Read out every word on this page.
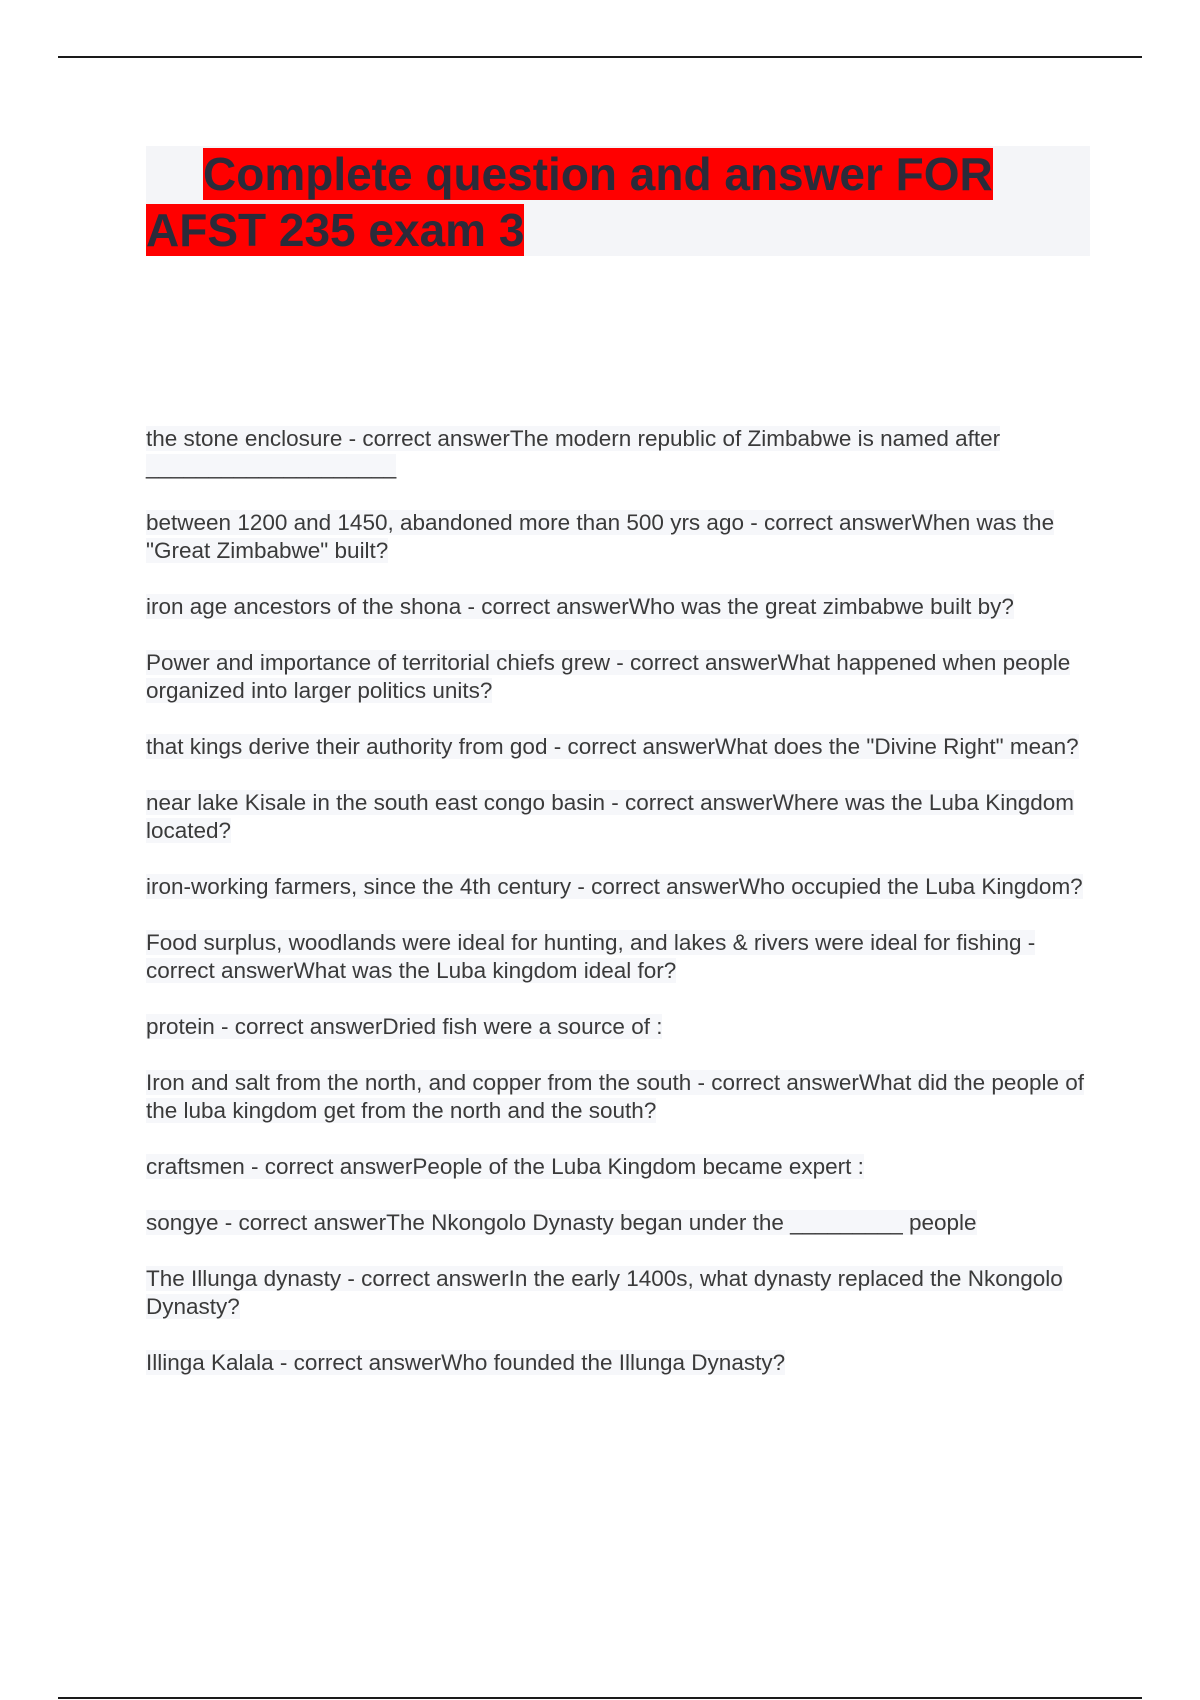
Complete question and answer FOR AFST 235 exam 3
the stone enclosure - correct answerThe modern republic of Zimbabwe is named after ____________________
between 1200 and 1450, abandoned more than 500 yrs ago - correct answerWhen was the "Great Zimbabwe" built?
iron age ancestors of the shona - correct answerWho was the great zimbabwe built by?
Power and importance of territorial chiefs grew - correct answerWhat happened when people organized into larger politics units?
that kings derive their authority from god - correct answerWhat does the "Divine Right" mean?
near lake Kisale in the south east congo basin - correct answerWhere was the Luba Kingdom located?
iron-working farmers, since the 4th century - correct answerWho occupied the Luba Kingdom?
Food surplus, woodlands were ideal for hunting, and lakes & rivers were ideal for fishing - correct answerWhat was the Luba kingdom ideal for?
protein - correct answerDried fish were a source of :
Iron and salt from the north, and copper from the south - correct answerWhat did the people of the luba kingdom get from the north and the south?
craftsmen - correct answerPeople of the Luba Kingdom became expert :
songye - correct answerThe Nkongolo Dynasty began under the _________ people
The Illunga dynasty - correct answerIn the early 1400s, what dynasty replaced the Nkongolo Dynasty?
Illinga Kalala - correct answerWho founded the Illunga Dynasty?
